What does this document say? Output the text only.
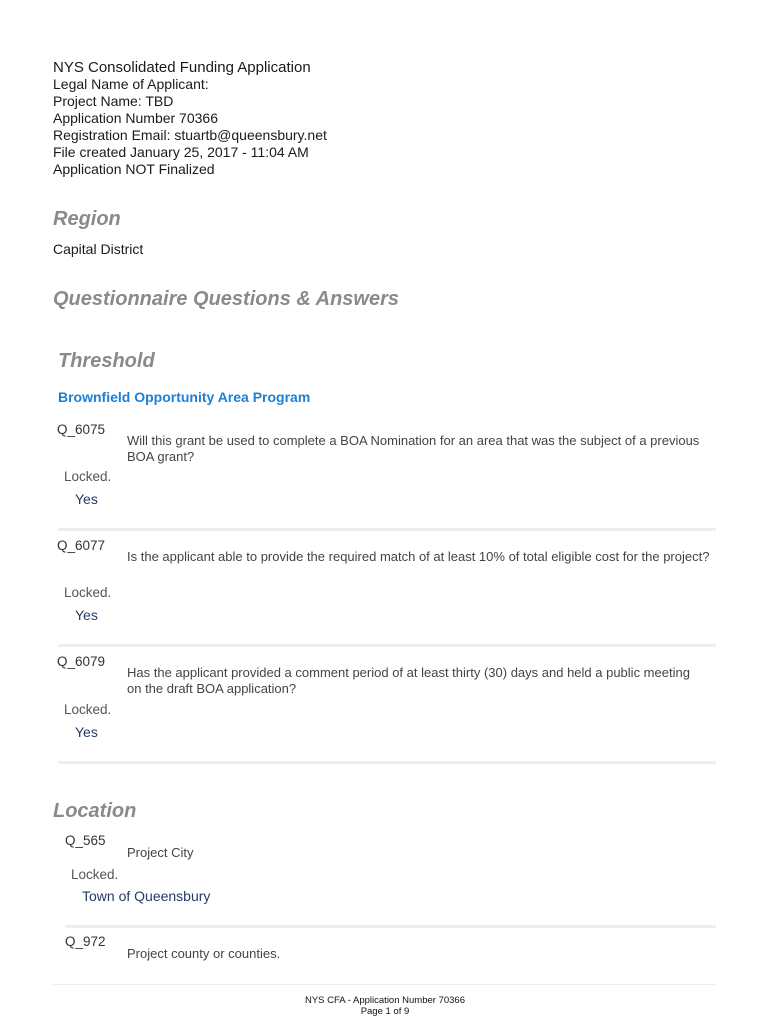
NYS Consolidated Funding Application
Legal Name of Applicant:
Project Name: TBD
Application Number 70366
Registration Email: stuartb@queensbury.net
File created January 25, 2017 - 11:04 AM
Application NOT Finalized
Region
Capital District
Questionnaire Questions & Answers
Threshold
Brownfield Opportunity Area Program
Q_6075
Will this grant be used to complete a BOA Nomination for an area that was the subject of a previous BOA grant?
Locked.
Yes
Q_6077
Is the applicant able to provide the required match of at least 10% of total eligible cost for the project?
Locked.
Yes
Q_6079
Has the applicant provided a comment period of at least thirty (30) days and held a public meeting on the draft BOA application?
Locked.
Yes
Location
Q_565
Project City
Locked.
Town of Queensbury
Q_972
Project county or counties.
NYS CFA - Application Number 70366
Page 1 of 9
